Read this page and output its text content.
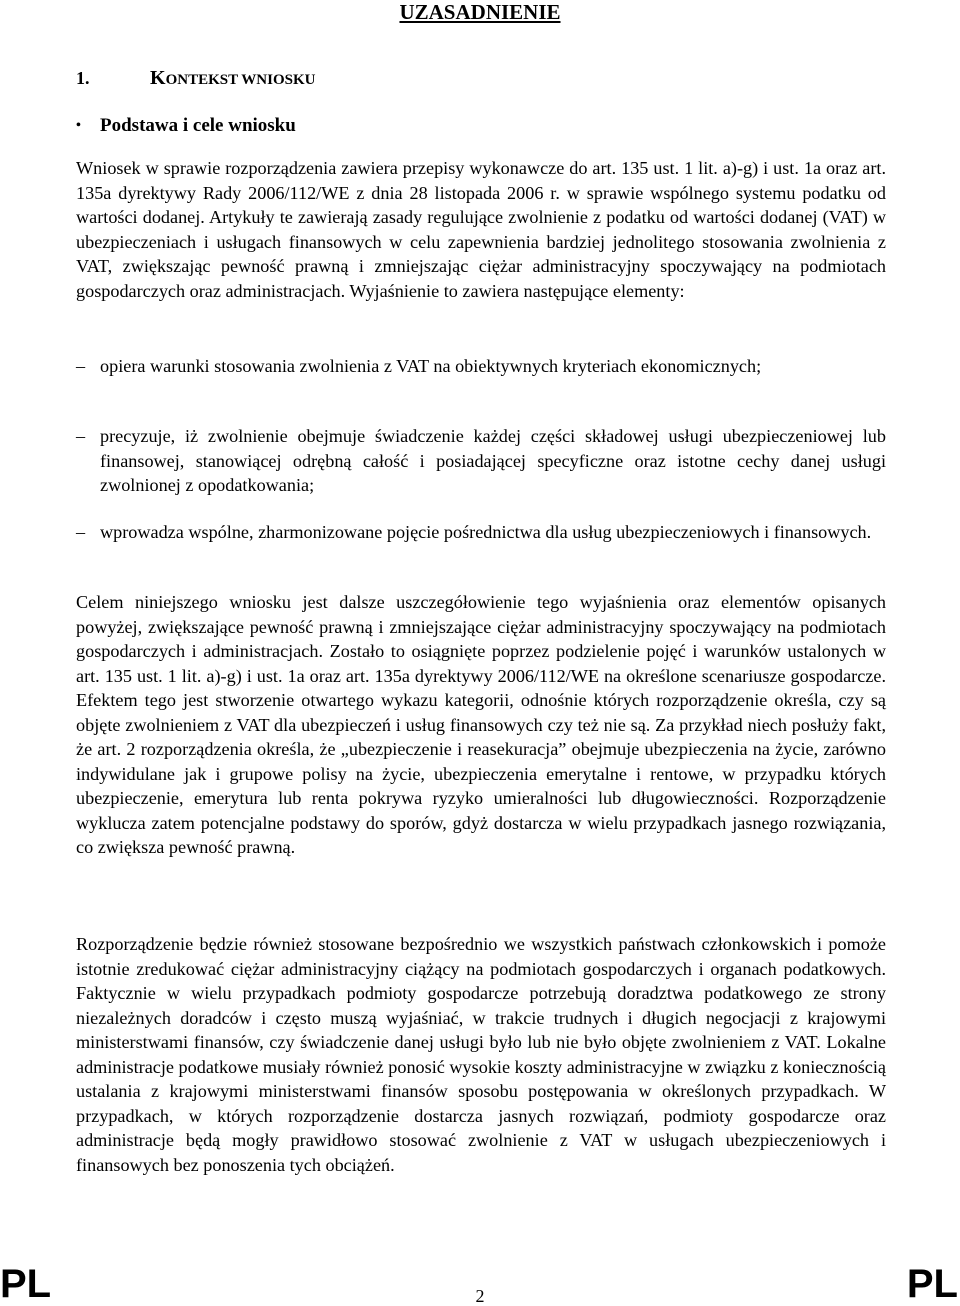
UZASADNIENIE
1.	KONTEKST WNIOSKU
• Podstawa i cele wniosku

Wniosek w sprawie rozporządzenia zawiera przepisy wykonawcze do art. 135 ust. 1 lit. a)-g) i ust. 1a oraz art. 135a dyrektywy Rady 2006/112/WE z dnia 28 listopada 2006 r. w sprawie wspólnego systemu podatku od wartości dodanej. Artykuły te zawierają zasady regulujące zwolnienie z podatku od wartości dodanej (VAT) w ubezpieczeniach i usługach finansowych w celu zapewnienia bardziej jednolitego stosowania zwolnienia z VAT, zwiększając pewność prawną i zmniejszając ciężar administracyjny spoczywający na podmiotach gospodarczych oraz administracjach. Wyjaśnienie to zawiera następujące elementy:

– opiera warunki stosowania zwolnienia z VAT na obiektywnych kryteriach ekonomicznych;
– precyzuje, iż zwolnienie obejmuje świadczenie każdej części składowej usługi ubezpieczeniowej lub finansowej, stanowiącej odrębną całość i posiadającej specyficzne oraz istotne cechy danej usługi zwolnionej z opodatkowania;
– wprowadza wspólne, zharmonizowane pojęcie pośrednictwa dla usług ubezpieczeniowych i finansowych.

Celem niniejszego wniosku jest dalsze uszczegółowienie tego wyjaśnienia oraz elementów opisanych powyżej, zwiększające pewność prawną i zmniejszające ciężar administracyjny spoczywający na podmiotach gospodarczych i administracjach. Zostało to osiągnięte poprzez podzielenie pojęć i warunków ustalonych w art. 135 ust. 1 lit. a)-g) i ust. 1a oraz art. 135a dyrektywy 2006/112/WE na określone scenariusze gospodarcze. Efektem tego jest stworzenie otwartego wykazu kategorii, odnośnie których rozporządzenie określa, czy są objęte zwolnieniem z VAT dla ubezpieczeń i usług finansowych czy też nie są. Za przykład niech posłuży fakt, że art. 2 rozporządzenia określa, że „ubezpieczenie i reasekuracja” obejmuje ubezpieczenia na życie, zarówno indywidulane jak i grupowe polisy na życie, ubezpieczenia emerytalne i rentowe, w przypadku których ubezpieczenie, emerytura lub renta pokrywa ryzyko umieralności lub długowieczności. Rozporządzenie wyklucza zatem potencjalne podstawy do sporów, gdyż dostarcza w wielu przypadkach jasnego rozwiązania, co zwiększa pewność prawną.

Rozporządzenie będzie również stosowane bezpośrednio we wszystkich państwach członkowskich i pomoże istotnie zredukować ciężar administracyjny ciążący na podmiotach gospodarczych i organach podatkowych. Faktycznie w wielu przypadkach podmioty gospodarcze potrzebują doradztwa podatkowego ze strony niezależnych doradców i często muszą wyjaśniać, w trakcie trudnych i długich negocjacji z krajowymi ministerstwami finansów, czy świadczenie danej usługi było lub nie było objęte zwolnieniem z VAT. Lokalne administracje podatkowe musiały również ponosić wysokie koszty administracyjne w związku z koniecznością ustalania z krajowymi ministerstwami finansów sposobu postępowania w określonych przypadkach. W przypadkach, w których rozporządzenie dostarcza jasnych rozwiązań, podmioty gospodarcze oraz administracje będą mogły prawidłowo stosować zwolnienie z VAT w usługach ubezpieczeniowych i finansowych bez ponoszenia tych obciążeń.

PL	2	PL
